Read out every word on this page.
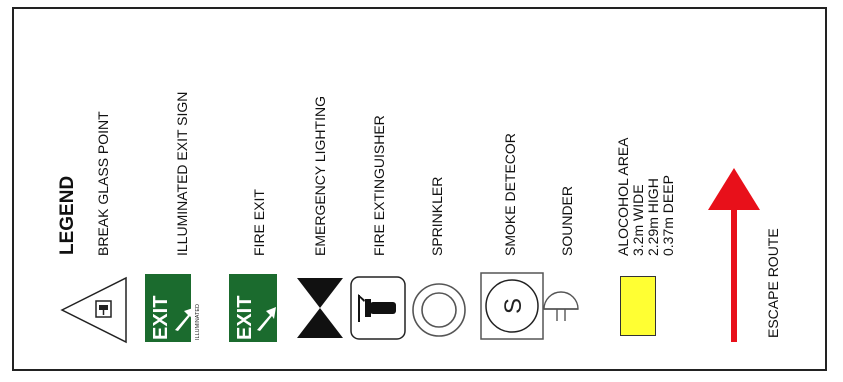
LEGEND BREAK GLASS POINT	ILLUMINATED EXIT SIGN	FIRE EXIT	EMERGENCY LIGHTING	FIRE EXTINGUISHER	SPRINKLER	SMOKE DETECOR	SOUNDER	ALOCOHOL AREA 3.2m WIDE 2.29m HIGH 0.37m DEEP
ESCAPE ROUTE
EXIT	ILLUMINATED EXIT	S
